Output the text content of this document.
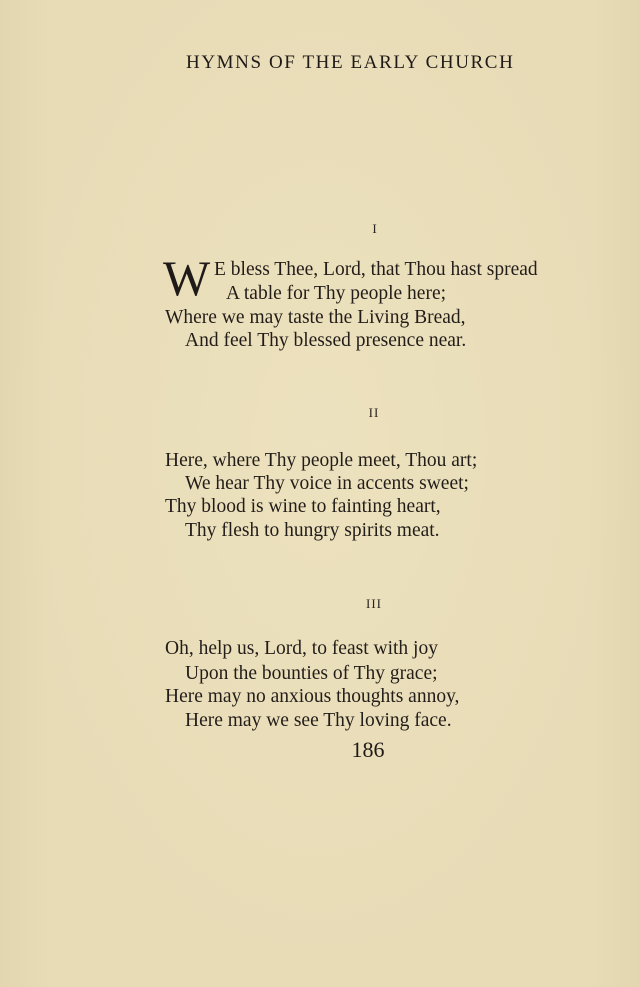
HYMNS OF THE EARLY CHURCH
I
W E bless Thee, Lord, that Thou hast spread
A table for Thy people here;
Where we may taste the Living Bread,
And feel Thy blessed presence near.
II
Here, where Thy people meet, Thou art;
We hear Thy voice in accents sweet;
Thy blood is wine to fainting heart,
Thy flesh to hungry spirits meat.
III
Oh, help us, Lord, to feast with joy
Upon the bounties of Thy grace;
Here may no anxious thoughts annoy,
Here may we see Thy loving face.
186
